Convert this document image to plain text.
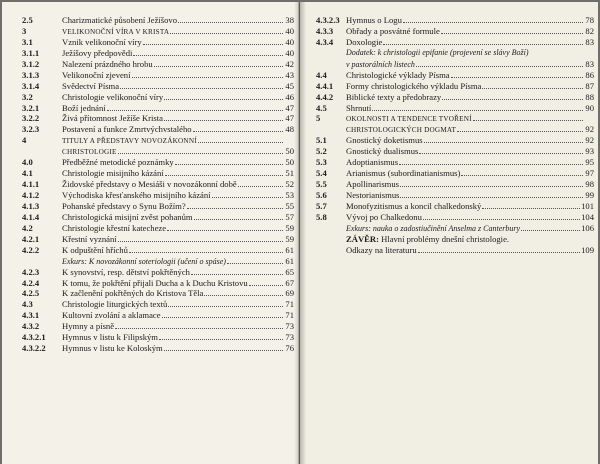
2.5	Charizmatické působení Ježíšovo	38
3	VELIKONOČNÍ VÍRA V KRISTA	40
3.1	Vznik velikonoční víry	40
3.1.1	Ježíšovy předpovědi	40
3.1.2	Nalezení prázdného hrobu	42
3.1.3	Velikonoční zjevení	43
3.1.4	Svědectví Písma	45
3.2	Christologie velikonoční víry	46
3.2.1	Boží jednání	47
3.2.2	Živá přítomnost Ježíše Krista	47
3.2.3	Postavení a funkce Zmrtvýchvstalého	48
4	TITULY A PŘEDSTAVY NOVOZÁKONNÍ
CHRISTOLOGIE	50
4.0	Předběžné metodické poznámky	50
4.1	Christologie misijního kázání	51
4.1.1	Židovské představy o Mesiáši v novozákonní době	52
4.1.2	Východiska křesťanského misijního kázání	53
4.1.3	Pohanské představy o Synu Božím?	55
4.1.4	Christologická misijní zvěst pohanům	57
4.2	Christologie křestní katecheze	59
4.2.1	Křestní vyznání	59
4.2.2	K odpuštění hříchů	61
Exkurs: K novozákonní soteriologii (učení o spáse)	61
4.2.3	K synovství, resp. dětství pokřtěných	65
4.2.4	K tomu, že pokřtění přijali Ducha a k Duchu Kristovu	67
4.2.5	K začlenění pokřtěných do Kristova Těla	69
4.3	Christologie liturgických textů	71
4.3.1	Kultovní zvolání a aklamace	71
4.3.2	Hymny a písně	73
4.3.2.1	Hymnus v listu k Filipským	73
4.3.2.2	Hymnus v listu ke Koloským	76
4.3.2.3 Hymnus o Logu	78
4.3.3	Obřady a posvátné formule	82
4.3.4	Doxologie	83
Dodatek: k christologii epifanie (projevení se slávy Boží)
v pastorálních listech	83
4.4	Christologické výklady Písma	86
4.4.1	Formy christologického výkladu Písma	87
4.4.2	Biblické texty a předobrazy	88
4.5	Shrnutí	90
5	OKOLNOSTI A TENDENCE TVOŘENÍ
CHRISTOLOGICKÝCH DOGMAT	92
5.1	Gnostický doketismus	92
5.2	Gnostický dualismus	93
5.3	Adoptianismus	95
5.4	Arianismus (subordinatianismus)	97
5.5	Apollinarismus	98
5.6	Nestorianismus	99
5.7	Monofyzitismus a koncil chalkedonský	101
5.8	Vývoj po Chalkedonu	104
Exkurs: nauka o zadostiučinění Anselma z Canterbury	106
ZÁVĚR: Hlavní problémy dnešní christologie.
Odkazy na literaturu	109
